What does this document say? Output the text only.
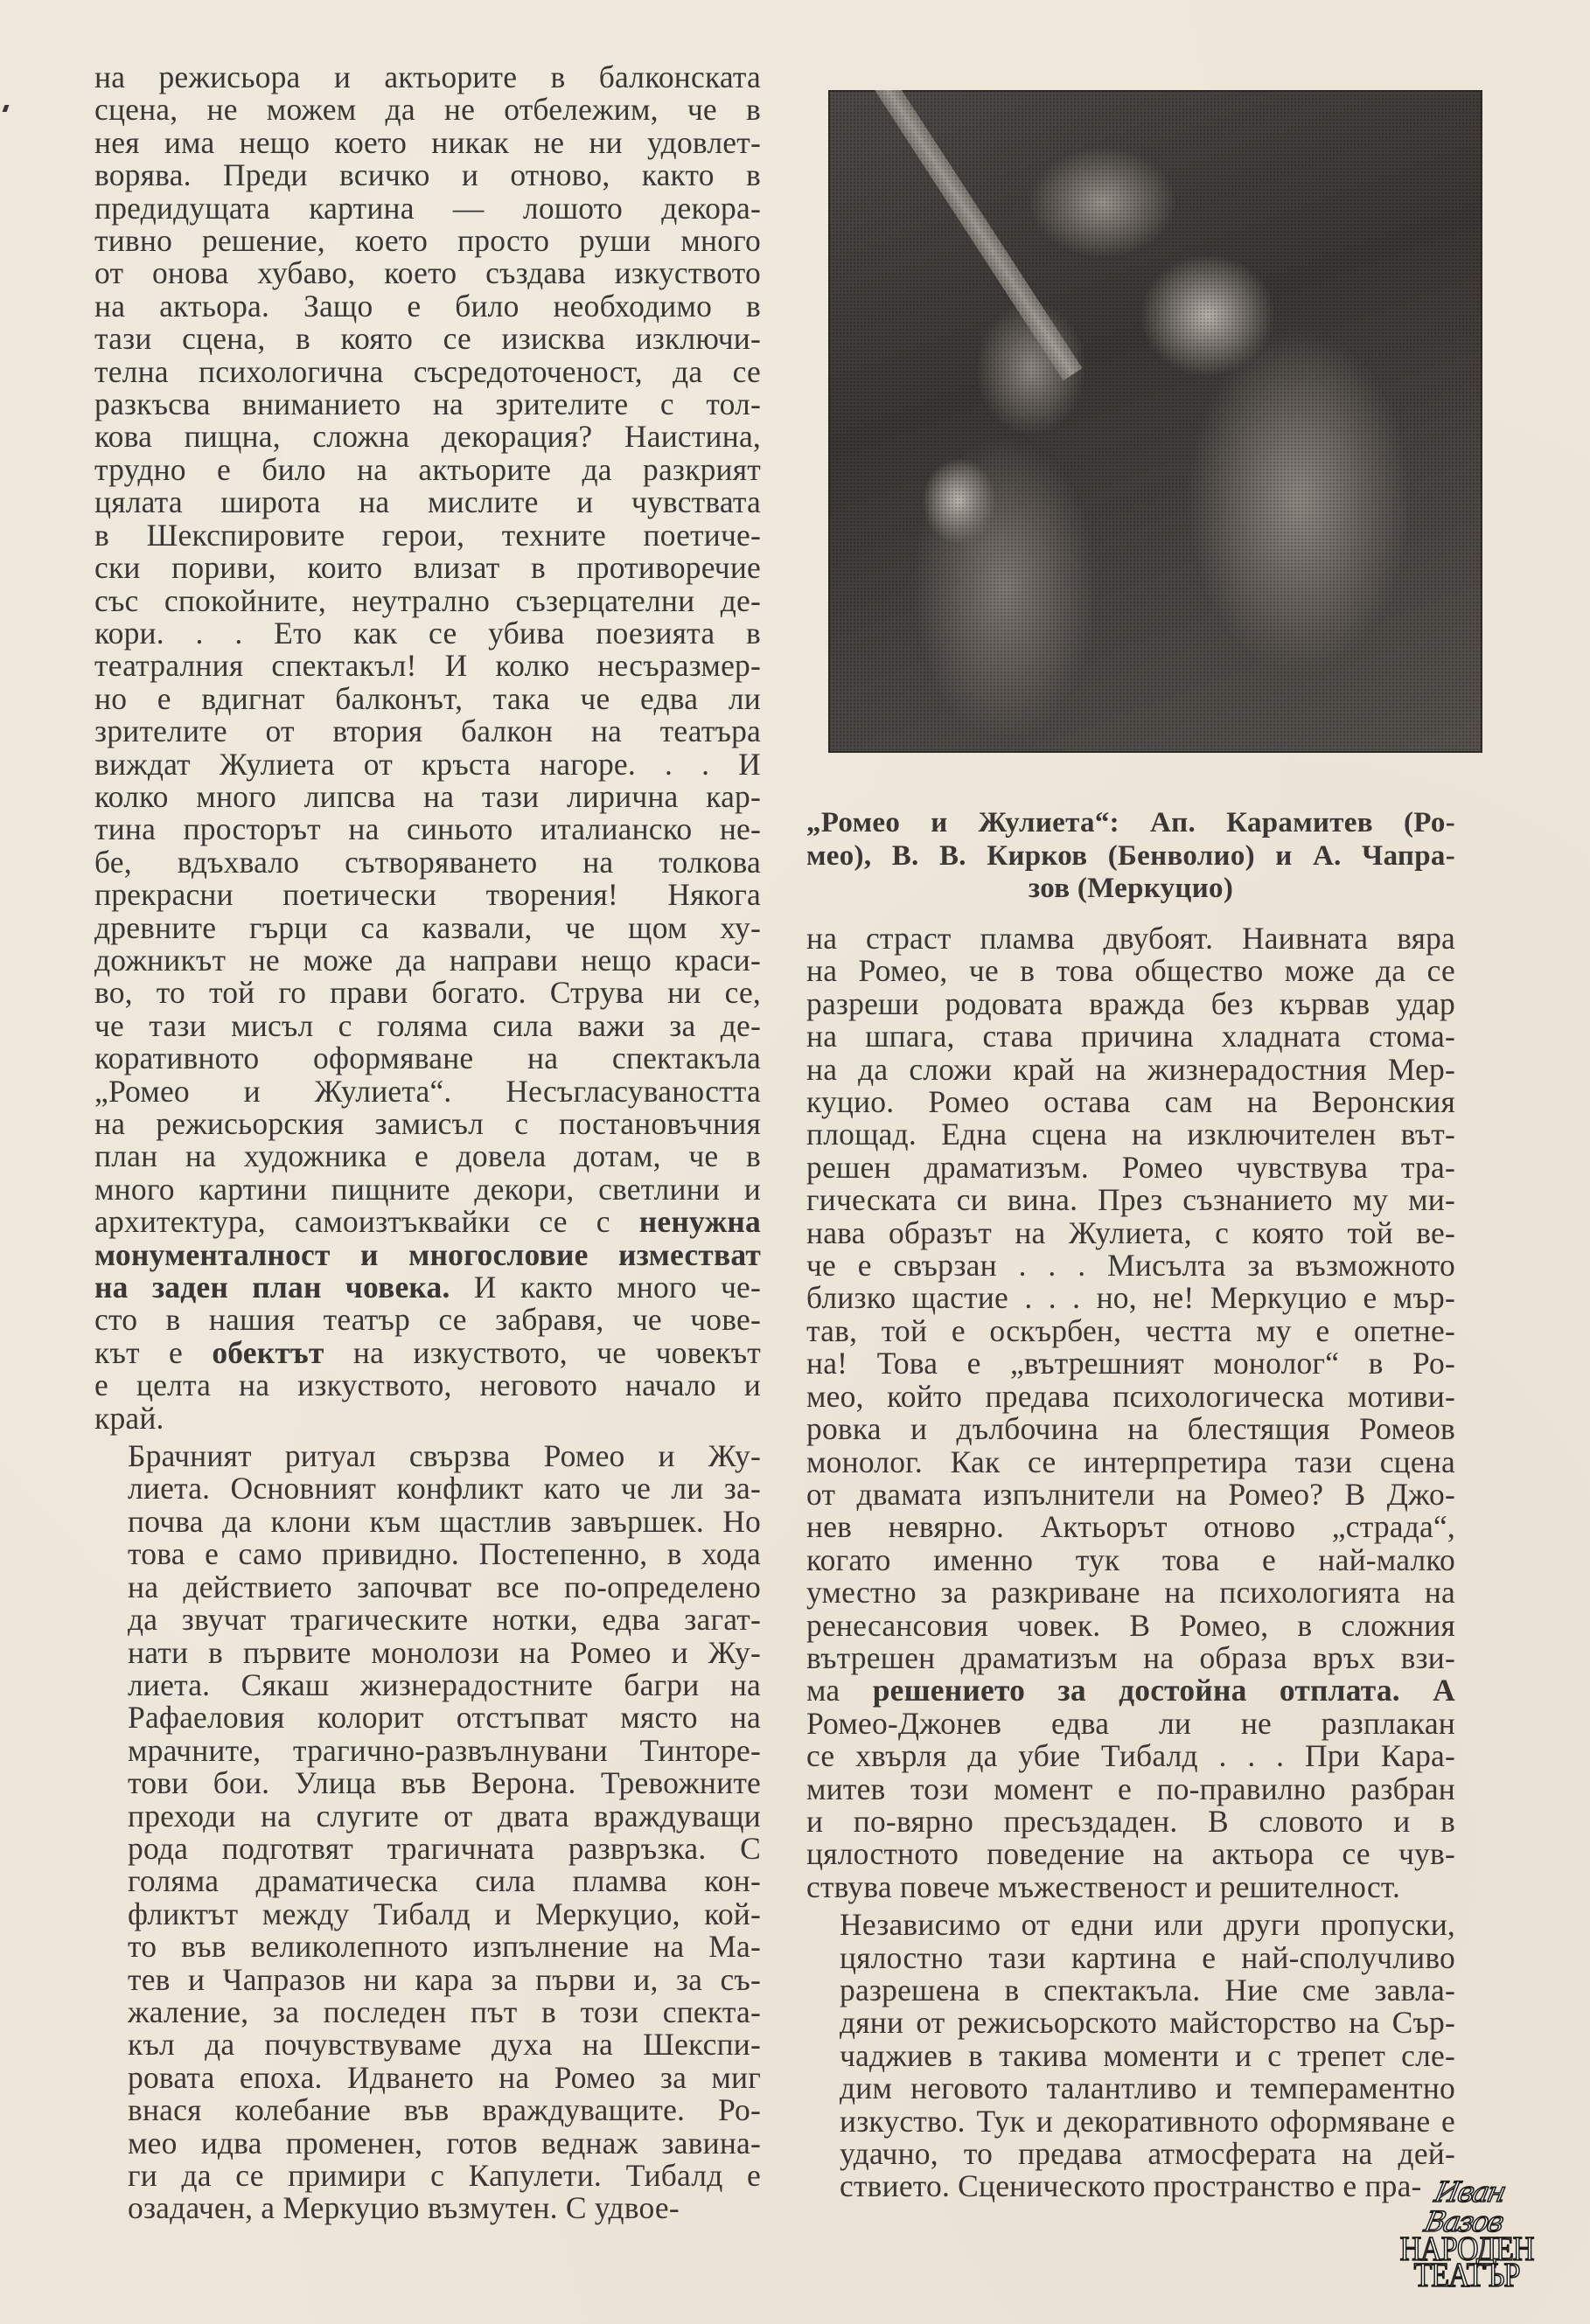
на режисьора и актьорите в балконската
сцена, не можем да не отбележим, че в
нея има нещо коeто никак не ни удовлет-
ворява. Преди всичко и отново, както в
предидущата картина — лошото декора-
тивно решение, което просто руши много
от онова хубаво, което създава изкуството
на актьора. Защо е било необходимо в
тази сцена, в която се изисква изключи-
телна психологична съсредоточеност, да се
разкъсва вниманието на зрителите с тол-
кова пищна, сложна декорация? Наистина,
трудно е било на актьорите да разкрият
цялата широта на мислите и чувствата
в Шекспировите герои, техните поетиче-
ски пориви, които влизат в противоречие
със спокойните, неутрално съзерцателни де-
кори. . . Ето как се убива поезията в
театралния спектакъл! И колко несъразмер-
но е вдигнат балконът, така че едва ли
зрителите от втория балкон на театъра
виждат Жулиета от кръста нагоре. . . И
колко много липсва на тази лирична кар-
тина просторът на синьото италианско не-
бе, вдъхвало сътворяването на толкова
прекрасни поетически творения! Някога
древните гърци са казвали, че щом ху-
дожникът не може да направи нещо краси-
во, то той го прави богато. Струва ни се,
че тази мисъл с голяма сила важи за де-
коративното оформяване на спектакъла
„Ромео и Жулиета“. Несъгласуваността
на режисьорския замисъл с постановъчния
план на художника е довела дотам, че в
много картини пищните декори, светлини и
архитектура, самоизтъквайки се с ненужна
монументалност и многословие изместват
на заден план човека. И както много че-
сто в нашия театър се забравя, че чове-
кът е обектът на изкуството, че човекът
е целта на изкуството, неговото начало и
край.

Брачният ритуал свързва Ромео и Жу-
лиета. Основният конфликт като че ли за-
почва да клони към щастлив завършек. Но
това е само привидно. Постепенно, в хода
на действието започват все по-определено
да звучат трагическите нотки, едва загат-
нати в първите монолози на Ромео и Жу-
лиета. Сякаш жизнерадостните багри на
Рафаеловия колорит отстъпват място на
мрачните, трагично-развълнувани Тинторе-
тови бои. Улица във Верона. Тревожните
преходи на слугите от двата враждуващи
рода подготвят трагичната развръзка. С
голяма драматическа сила пламва кон-
фликтът между Тибалд и Меркуцио, кой-
то във великолепното изпълнение на Ма-
тев и Чапразов ни кара за първи и, за съ-
жаление, за последен път в този спекта-
къл да почувствуваме духа на Шекспи-
ровата епоха. Идването на Ромео за миг
внася колебание във враждуващите. Ро-
мео идва променен, готов веднаж завина-
ги да се примири с Капулети. Тибалд е
озадачен, а Меркуцио възмутен. С удвое-

„Ромео и Жулиета“: Ап. Карамитев (Ро-
мео), В. В. Кирков (Бенволио) и А. Чапра-
зов (Меркуцио)

на страст пламва двубоят. Наивната вяра
на Ромео, че в това общество може да се
разреши родовата вражда без кървав удар
на шпага, става причина хладната стома-
на да сложи край на жизнерадостния Мер-
куцио. Ромео остава сам на Веронския
площад. Една сцена на изключителен вът-
решен драматизъм. Ромео чувствува тра-
гическата си вина. През съзнанието му ми-
нава образът на Жулиета, с която той ве-
че е свързан . . . Мисълта за възможното
близко щастие . . . но, не! Меркуцио е мър-
тав, той е оскърбен, честта му е опетне-
на! Това е „вътрешният монолог“ в Ро-
мео, който предава психологическа мотиви-
ровка и дълбочина на блестящия Ромеов
монолог. Как се интерпретира тази сцена
от двамата изпълнители на Ромео? В Джо-
нев невярно. Актьорът отново „страда“,
когато именно тук това е най-малко
уместно за разкриване на психологията на
ренесансовия човек. В Ромео, в сложния
вътрешен драматизъм на образа връх взи-
ма решението за достойна отплата. А
Ромео-Джонев едва ли не разплакан
се хвърля да убие Тибалд . . . При Кара-
митев този момент е по-правилно разбран
и по-вярно пресъздаден. В словото и в
цялостното поведение на актьора се чув-
ствува повече мъжественост и решителност.

Независимо от едни или други пропуски,
цялостно тази картина е най-сполучливо
разрешена в спектакъла. Ние сме завла-
дяни от режисьорското майсторство на Сър-
чаджиев в такива моменти и с трепет сле-
дим неговото талантливо и темпераментно
изкуство. Тук и декоративното оформяване е
удачно, то предава атмосферата на дей-
ствието. Сценическото пространство е пра- Иван Вазов
НАРОДЕН
ТЕАТЪР
